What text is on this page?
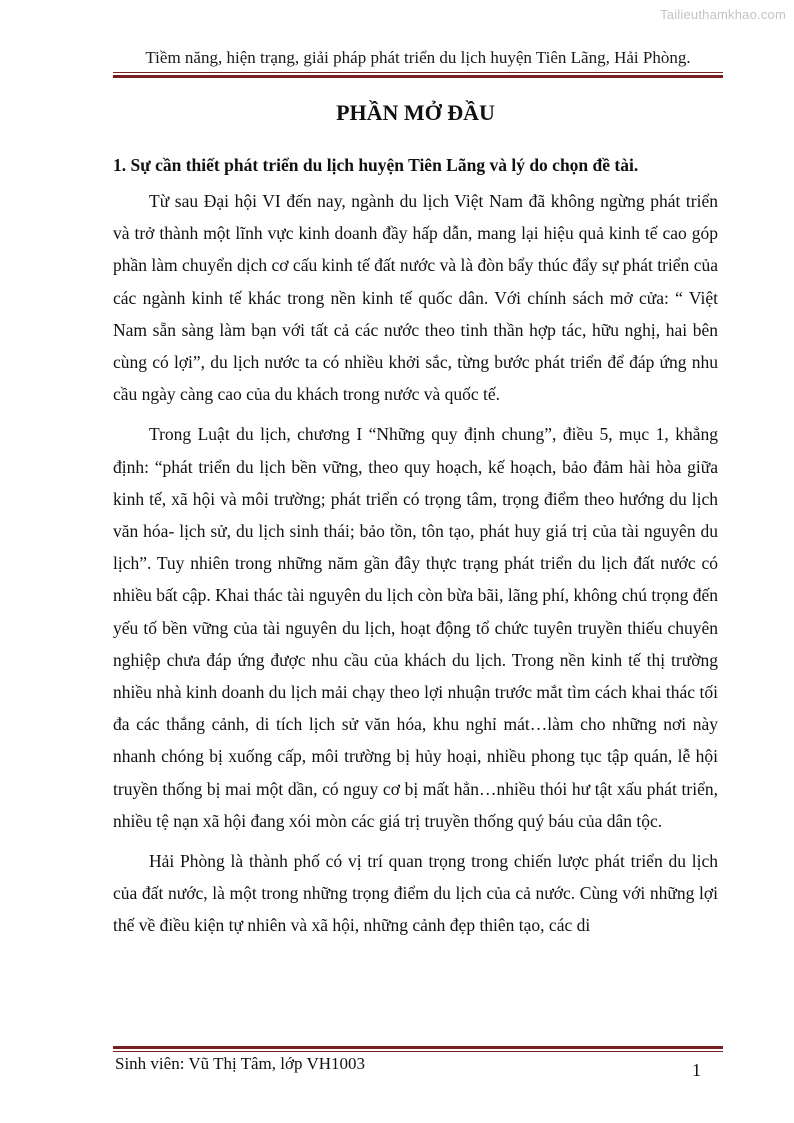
Tailieuthamkhao.com
Tiềm năng, hiện trạng, giải pháp phát triển du lịch huyện Tiên Lãng, Hải Phòng.
PHẦN MỞ ĐẦU
1. Sự cần thiết phát triển du lịch huyện Tiên Lãng và lý do chọn đề tài.

Từ sau Đại hội VI đến nay, ngành du lịch Việt Nam đã không ngừng phát triển và trở thành một lĩnh vực kinh doanh đầy hấp dẫn, mang lại hiệu quả kinh tế cao góp phần làm chuyển dịch cơ cấu kinh tế đất nước và là đòn bẩy thúc đẩy sự phát triển của các ngành kinh tế khác trong nền kinh tế quốc dân. Với chính sách mở cửa: “ Việt Nam sẵn sàng làm bạn với tất cả các nước theo tinh thần hợp tác, hữu nghị, hai bên cùng có lợi”, du lịch nước ta có nhiều khởi sắc, từng bước phát triển để đáp ứng nhu cầu ngày càng cao của du khách trong nước và quốc tế.

Trong Luật du lịch, chương I “Những quy định chung”, điều 5, mục 1, khẳng định: “phát triển du lịch bền vững, theo quy hoạch, kế hoạch, bảo đảm hài hòa giữa kinh tế, xã hội và môi trường; phát triển có trọng tâm, trọng điểm theo hướng du lịch văn hóa- lịch sử, du lịch sinh thái; bảo tồn, tôn tạo, phát huy giá trị của tài nguyên du lịch”. Tuy nhiên trong những năm gần đây thực trạng phát triển du lịch đất nước có nhiều bất cập. Khai thác tài nguyên du lịch còn bừa bãi, lãng phí, không chú trọng đến yếu tố bền vững của tài nguyên du lịch, hoạt động tổ chức tuyên truyền thiếu chuyên nghiệp chưa đáp ứng được nhu cầu của khách du lịch. Trong nền kinh tế thị trường nhiều nhà kinh doanh du lịch mải chạy theo lợi nhuận trước mắt tìm cách khai thác tối đa các thắng cảnh, di tích lịch sử văn hóa, khu nghỉ mát…làm cho những nơi này nhanh chóng bị xuống cấp, môi trường bị hủy hoại, nhiều phong tục tập quán, lễ hội truyền thống bị mai một dần, có nguy cơ bị mất hẳn…nhiều thói hư tật xấu phát triển, nhiều tệ nạn xã hội đang xói mòn các giá trị truyền thống quý báu của dân tộc.

Hải Phòng là thành phố có vị trí quan trọng trong chiến lược phát triển du lịch của đất nước, là một trong những trọng điểm du lịch của cả nước. Cùng với những lợi thế về điều kiện tự nhiên và xã hội, những cảnh đẹp thiên tạo, các di

Sinh viên: Vũ Thị Tâm, lớp VH1003	1
